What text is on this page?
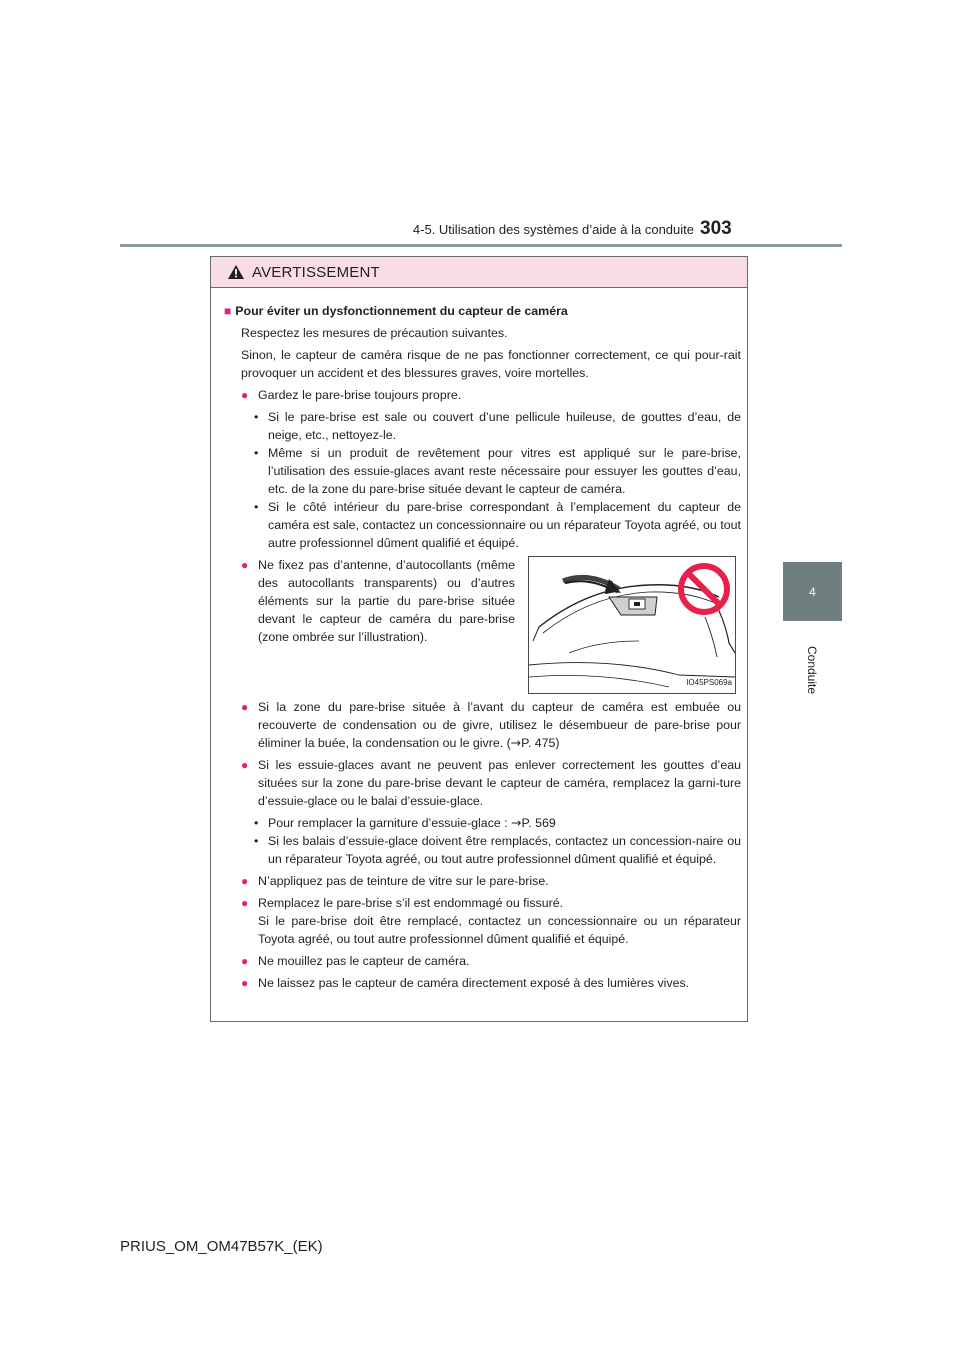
4-5. Utilisation des systèmes d’aide à la conduite 303
4
Conduite
AVERTISSEMENT

■ Pour éviter un dysfonctionnement du capteur de caméra

Respectez les mesures de précaution suivantes.

Sinon, le capteur de caméra risque de ne pas fonctionner correctement, ce qui pour-rait provoquer un accident et des blessures graves, voire mortelles.

● Gardez le pare-brise toujours propre.
• Si le pare-brise est sale ou couvert d’une pellicule huileuse, de gouttes d’eau, de neige, etc., nettoyez-le.
• Même si un produit de revêtement pour vitres est appliqué sur le pare-brise, l’utilisation des essuie-glaces avant reste nécessaire pour essuyer les gouttes d’eau, etc. de la zone du pare-brise située devant le capteur de caméra.
• Si le côté intérieur du pare-brise correspondant à l’emplacement du capteur de caméra est sale, contactez un concessionnaire ou un réparateur Toyota agréé, ou tout autre professionnel dûment qualifié et équipé.
● Ne fixez pas d’antenne, d’autocollants (même des autocollants transparents) ou d’autres éléments sur la partie du pare-brise située devant le capteur de caméra du pare-brise (zone ombrée sur l’illustration).
IO45PS069a
● Si la zone du pare-brise située à l’avant du capteur de caméra est embuée ou recouverte de condensation ou de givre, utilisez le désembueur de pare-brise pour éliminer la buée, la condensation ou le givre. (→P. 475)
● Si les essuie-glaces avant ne peuvent pas enlever correctement les gouttes d’eau situées sur la zone du pare-brise devant le capteur de caméra, remplacez la garni-ture d’essuie-glace ou le balai d’essuie-glace.
• Pour remplacer la garniture d’essuie-glace : →P. 569
• Si les balais d’essuie-glace doivent être remplacés, contactez un concession-naire ou un réparateur Toyota agréé, ou tout autre professionnel dûment qualifié et équipé.
● N’appliquez pas de teinture de vitre sur le pare-brise.
● Remplacez le pare-brise s’il est endommagé ou fissuré.
Si le pare-brise doit être remplacé, contactez un concessionnaire ou un réparateur Toyota agréé, ou tout autre professionnel dûment qualifié et équipé.
● Ne mouillez pas le capteur de caméra.
● Ne laissez pas le capteur de caméra directement exposé à des lumières vives.
PRIUS_OM_OM47B57K_(EK)
